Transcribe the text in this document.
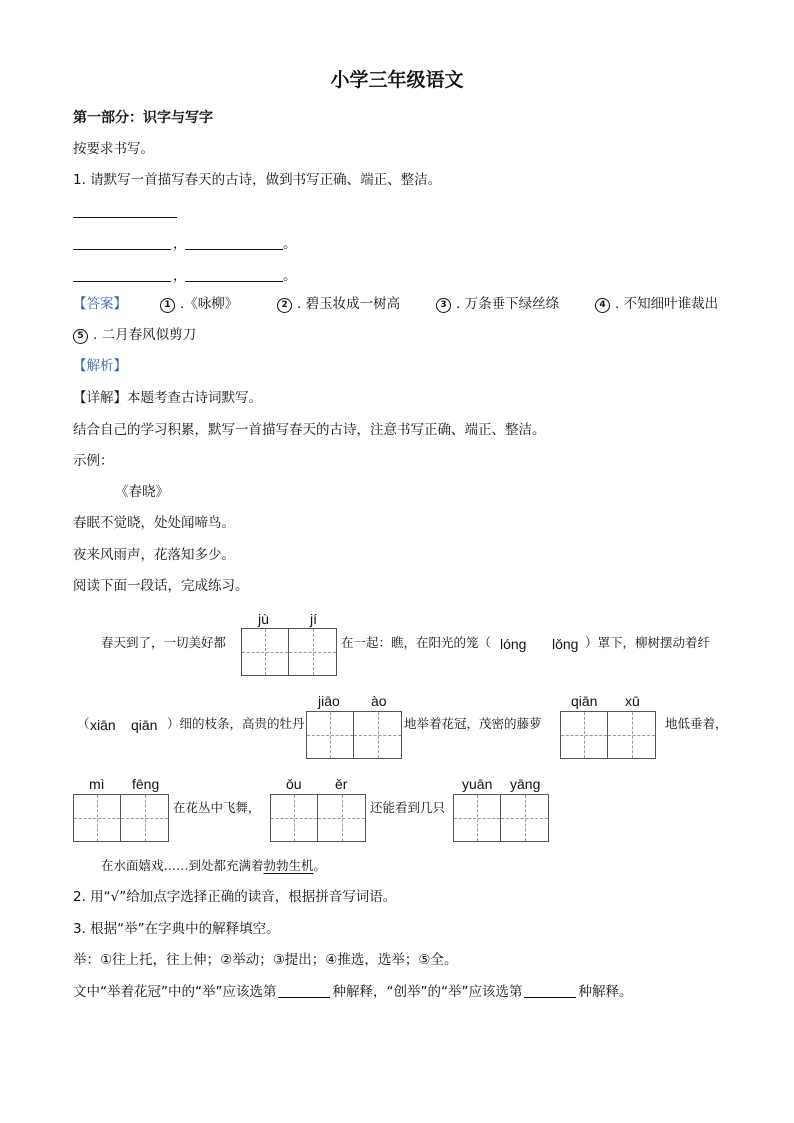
小学三年级语文
第一部分：识字与写字
按要求书写。
1. 请默写一首描写春天的古诗，做到书写正确、端正、整洁。
，	。
，	。
【答案】	1 .《咏柳》	2 . 碧玉妆成一树高	3 . 万条垂下绿丝绦	4 . 不知细叶谁裁出
5 . 二月春风似剪刀
【解析】
【详解】本题考查古诗词默写。
结合自己的学习积累，默写一首描写春天的古诗，注意书写正确、端正、整洁。
示例：
《春晓》
春眠不觉晓，处处闻啼鸟。
夜来风雨声，花落知多少。
阅读下面一段话，完成练习。
春天到了，一切美好都
jù	jí
在一起：瞧，在阳光的笼（ lóng lǒng ）罩下，柳树摆动着纤
（ xiān qiān ）细的枝条，高贵的牡丹
jiāo ào
地举着花冠，茂密的藤萝
qiān xū
地低垂着，
mì fēng
在花丛中飞舞，
ǒu ěr
还能看到几只
yuān yāng
在水面嬉戏……到处都充满着勃勃生机。
2. 用“√”给加点字选择正确的读音，根据拼音写词语。
3. 根据“举”在字典中的解释填空。
举：①往上托，往上伸；②举动；③提出；④推选，选举；⑤全。
文中“举着花冠”中的“举”应该选第	种解释，“创举”的“举”应该选第	种解释。
